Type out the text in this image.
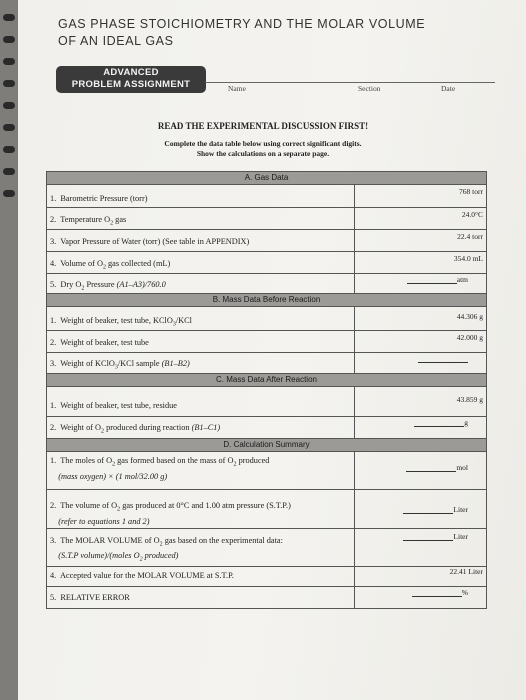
GAS PHASE STOICHIOMETRY AND THE MOLAR VOLUME
OF AN IDEAL GAS
ADVANCED
PROBLEM ASSIGNMENT	Name	Section	Date
READ THE EXPERIMENTAL DISCUSSION FIRST!
Complete the data table below using correct significant digits.
Show the calculations on a separate page.
A. Gas Data	
1. Barometric Pressure (torr)	768 torr
2. Temperature $O_2$ gas	24.0°C
3. Vapor Pressure of Water (torr) (See table in APPENDIX)	22.4 torr
4. Volume of $O_2$ gas collected (mL)	354.0 mL
5. Dry $O_2$ Pressure (A1–A3)/760.0	atm
B. Mass Data Before Reaction	
1. Weight of beaker, test tube, KClO$_3$/KCl	44.306 g
2. Weight of beaker, test tube	42.000 g
3. Weight of KClO$_3$/KCl sample (B1–B2)	
C. Mass Data After Reaction	
1. Weight of beaker, test tube, residue	43.859 g
2. Weight of $O_2$ produced during reaction (B1–C1)	g
D. Calculation Summary	
1. The moles of $O_2$ gas formed based on the mass of $O_2$ produced
(mass oxygen) × (1 mol/32.00 g)	mol
2. The volume of $O_2$ gas produced at 0°C and 1.00 atm pressure (S.T.P.)
(refer to equations 1 and 2)	Liter
3. The MOLAR VOLUME of $O_2$ gas based on the experimental data:
(S.T.P volume)/(moles $O_2$ produced)	Liter
4. Accepted value for the MOLAR VOLUME at S.T.P.	22.41 Liter
5. RELATIVE ERROR	%
